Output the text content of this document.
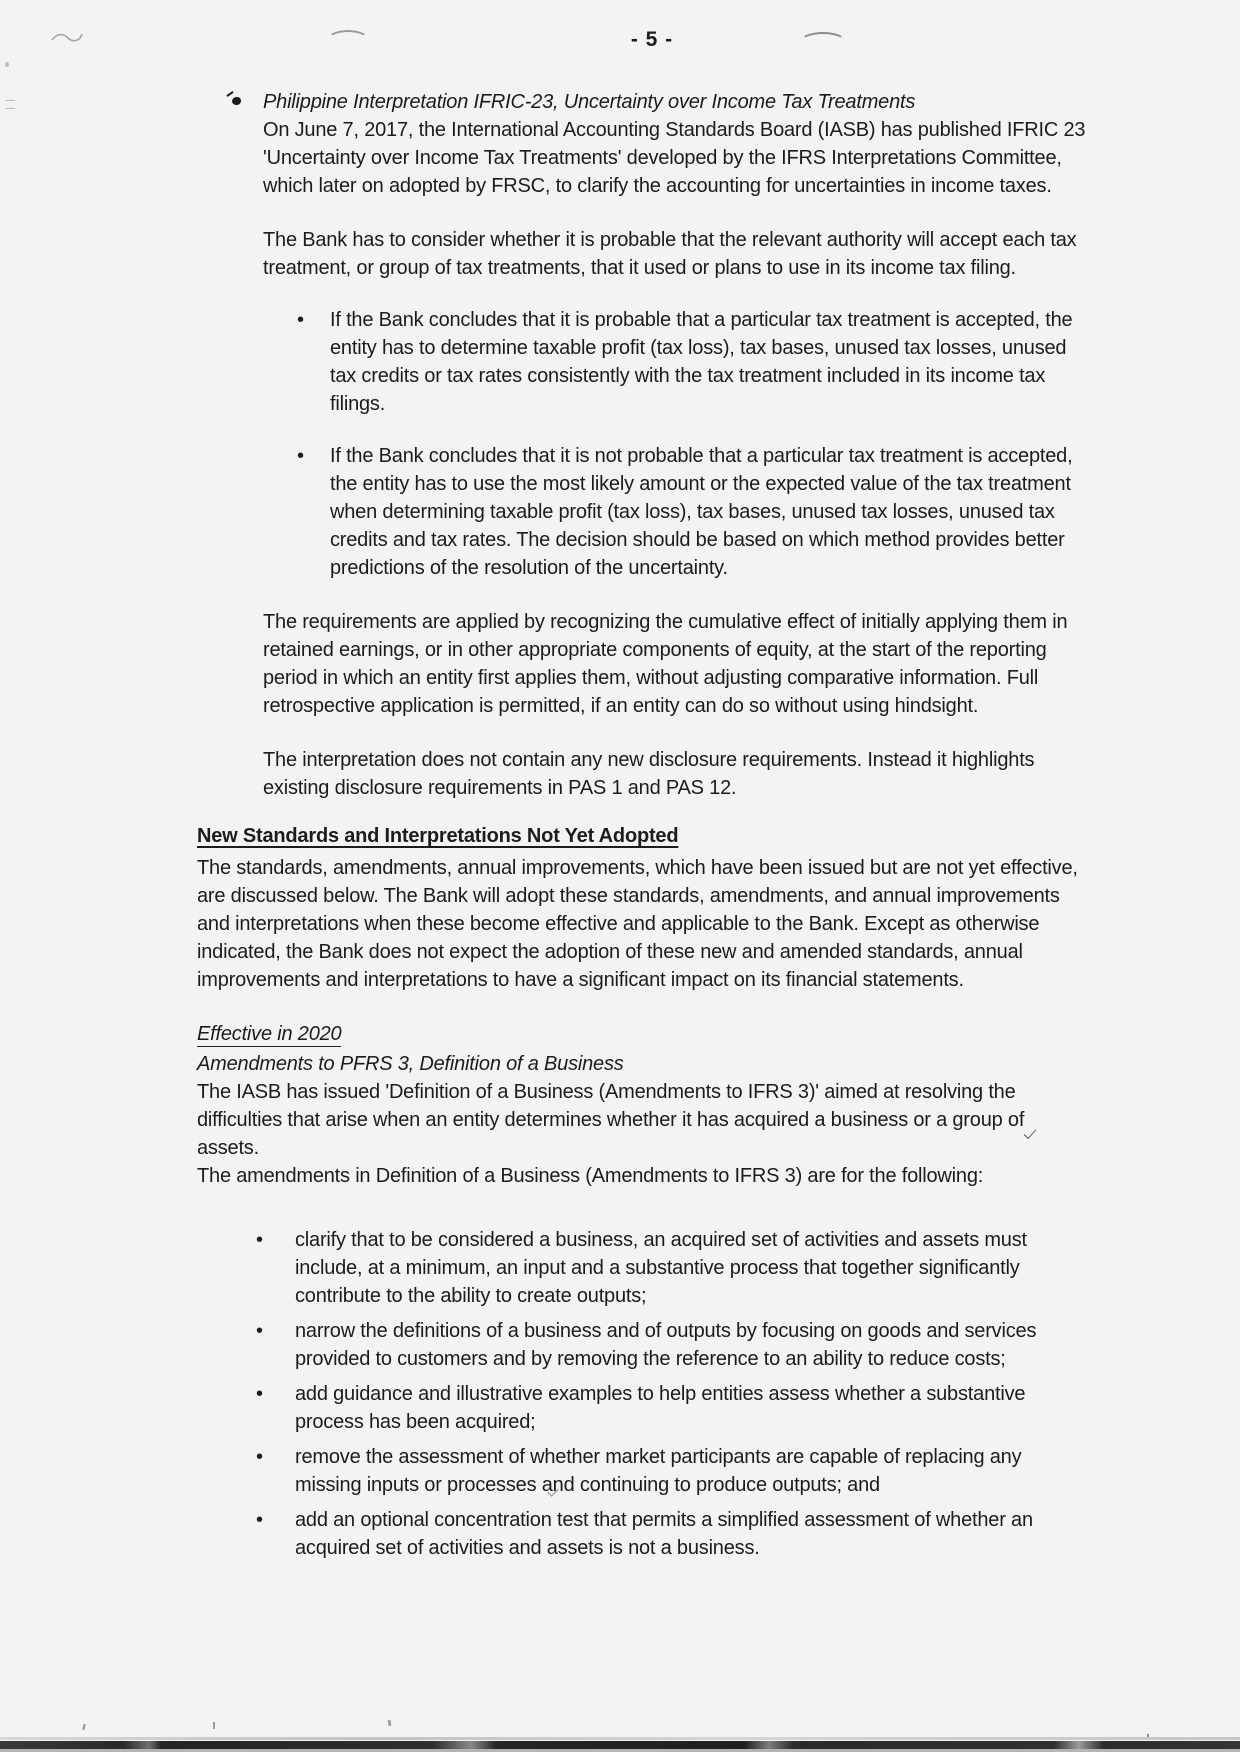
- 5 -
Philippine Interpretation IFRIC-23, Uncertainty over Income Tax Treatments

On June 7, 2017, the International Accounting Standards Board (IASB) has published IFRIC 23 'Uncertainty over Income Tax Treatments' developed by the IFRS Interpretations Committee, which later on adopted by FRSC, to clarify the accounting for uncertainties in income taxes.

The Bank has to consider whether it is probable that the relevant authority will accept each tax treatment, or group of tax treatments, that it used or plans to use in its income tax filing.

•	If the Bank concludes that it is probable that a particular tax treatment is accepted, the entity has to determine taxable profit (tax loss), tax bases, unused tax losses, unused tax credits or tax rates consistently with the tax treatment included in its income tax filings.

•	If the Bank concludes that it is not probable that a particular tax treatment is accepted, the entity has to use the most likely amount or the expected value of the tax treatment when determining taxable profit (tax loss), tax bases, unused tax losses, unused tax credits and tax rates. The decision should be based on which method provides better predictions of the resolution of the uncertainty.

The requirements are applied by recognizing the cumulative effect of initially applying them in retained earnings, or in other appropriate components of equity, at the start of the reporting period in which an entity first applies them, without adjusting comparative information. Full retrospective application is permitted, if an entity can do so without using hindsight.

The interpretation does not contain any new disclosure requirements. Instead it highlights existing disclosure requirements in PAS 1 and PAS 12.

New Standards and Interpretations Not Yet Adopted

The standards, amendments, annual improvements, which have been issued but are not yet effective, are discussed below. The Bank will adopt these standards, amendments, and annual improvements and interpretations when these become effective and applicable to the Bank. Except as otherwise indicated, the Bank does not expect the adoption of these new and amended standards, annual improvements and interpretations to have a significant impact on its financial statements.

Effective in 2020
Amendments to PFRS 3, Definition of a Business

The IASB has issued 'Definition of a Business (Amendments to IFRS 3)' aimed at resolving the difficulties that arise when an entity determines whether it has acquired a business or a group of assets.

The amendments in Definition of a Business (Amendments to IFRS 3) are for the following:

•	clarify that to be considered a business, an acquired set of activities and assets must include, at a minimum, an input and a substantive process that together significantly contribute to the ability to create outputs;

•	narrow the definitions of a business and of outputs by focusing on goods and services provided to customers and by removing the reference to an ability to reduce costs;

•	add guidance and illustrative examples to help entities assess whether a substantive process has been acquired;

•	remove the assessment of whether market participants are capable of replacing any missing inputs or processes and continuing to produce outputs; and

•	add an optional concentration test that permits a simplified assessment of whether an acquired set of activities and assets is not a business.
